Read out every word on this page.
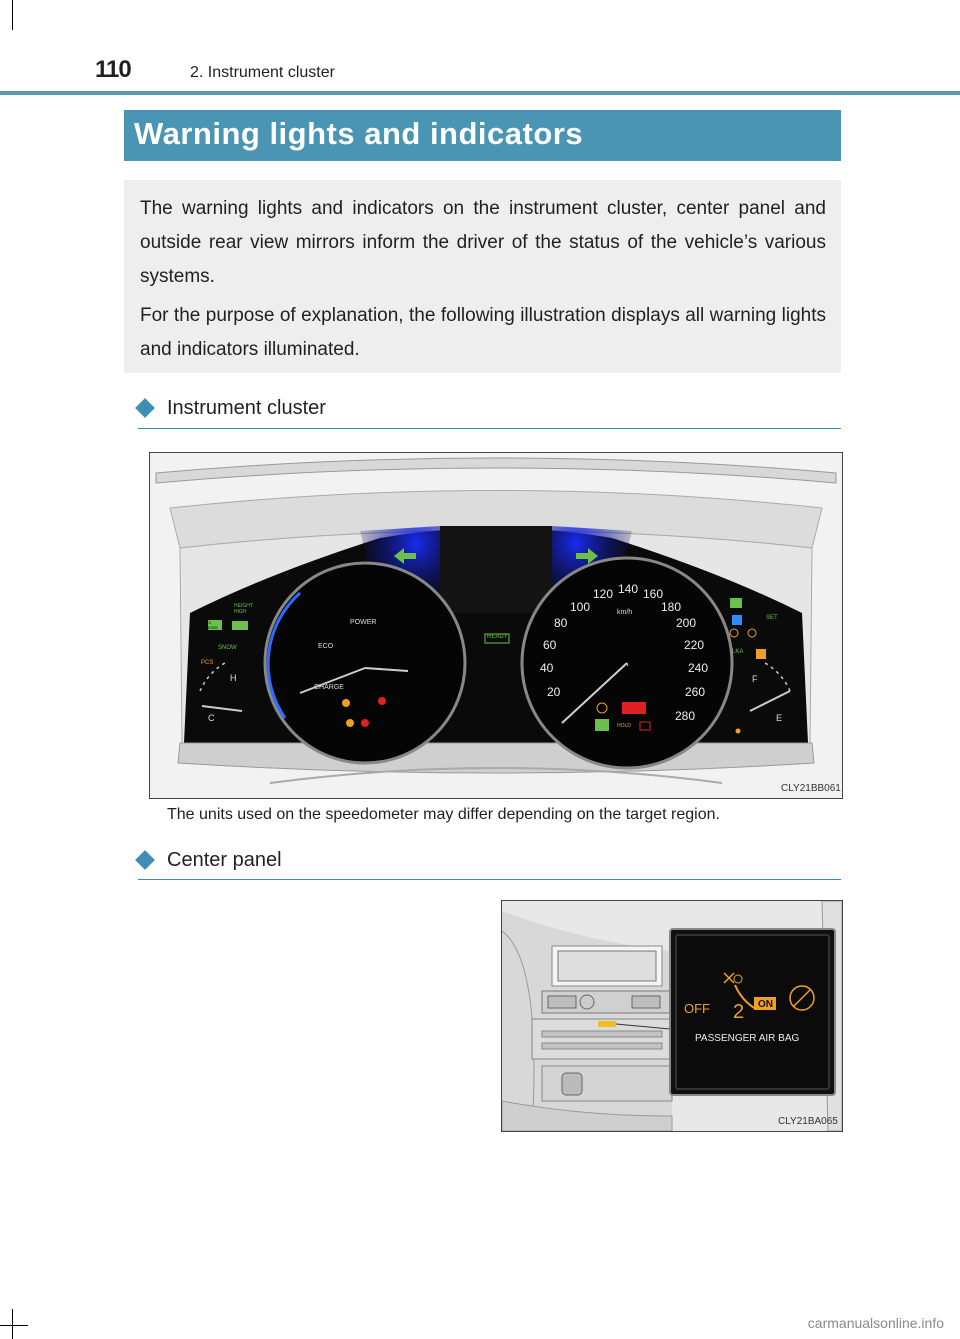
110	2. Instrument cluster
Warning lights and indicators

The warning lights and indicators on the instrument cluster, center panel and outside rear view mirrors inform the driver of the status of the vehicle’s various systems.

For the purpose of explanation, the following illustration displays all warning lights and indicators illuminated.

Instrument cluster
POWER
ECO
CHARGE
READY
km/h
20
40
60
80
100
120 140 160
180
200
220
240
260
280
H
C
F
E
HEIGHT HIGH
EV MODE
SNOW
PCS
SET
LKA
HOLD
CLY21BB061
The units used on the speedometer may differ depending on the target region.
Center panel
OFF 2 ON
PASSENGER AIR BAG
CLY21BA065
carmanualsonline.info
